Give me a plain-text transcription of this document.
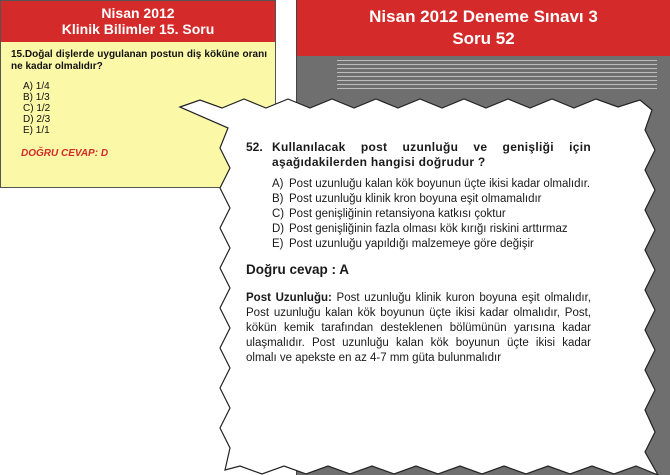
Nisan 2012
Klinik Bilimler 15. Soru
15.Doğal dişlerde uygulanan postun diş köküne oranı ne kadar olmalıdır?
A) 1/4
B) 1/3
C) 1/2
D) 2/3
E) 1/1
DOĞRU CEVAP: D
Nisan 2012 Deneme Sınavı 3
Soru 52
52. Kullanılacak post uzunluğu ve genişliği için aşağıdakilerden hangisi doğrudur ?
A) Post uzunluğu kalan kök boyunun üçte ikisi kadar olmalıdır.
B) Post uzunluğu klinik kron boyuna eşit olmamalıdır
C) Post genişliğinin retansiyona katkısı çoktur
D) Post genişliğinin fazla olması kök kırığı riskini arttırmaz
E) Post uzunluğu yapıldığı malzemeye göre değişir
Doğru cevap : A
Post Uzunluğu: Post uzunluğu klinik kuron boyuna eşit olmalıdır, Post uzunluğu kalan kök boyunun üçte ikisi kadar olmalıdır, Post, kökün kemik tarafından desteklenen bölümünün yarısına kadar ulaşmalıdır. Post uzunluğu kalan kök boyunun üçte ikisi kadar olmalı ve apekste en az 4-7 mm güta bulunmalıdır
